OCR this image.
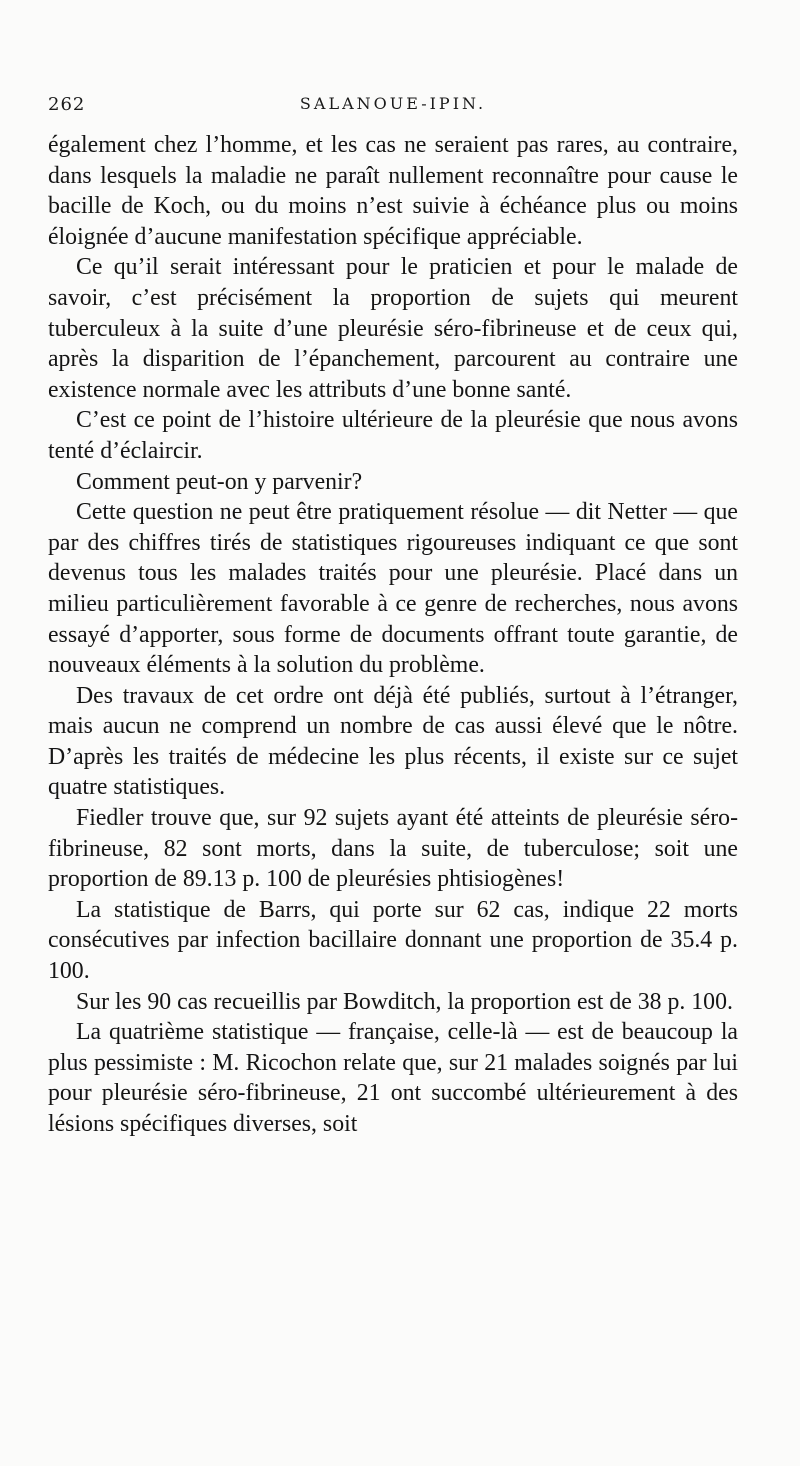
262	SALANOUE-IPIN.

également chez l’homme, et les cas ne seraient pas rares, au contraire, dans lesquels la maladie ne paraît nullement reconnaître pour cause le bacille de Koch, ou du moins n’est suivie à échéance plus ou moins éloignée d’aucune manifestation spécifique appréciable.

Ce qu’il serait intéressant pour le praticien et pour le malade de savoir, c’est précisément la proportion de sujets qui meurent tuberculeux à la suite d’une pleurésie séro-fibrineuse et de ceux qui, après la disparition de l’épanchement, parcourent au contraire une existence normale avec les attributs d’une bonne santé.

C’est ce point de l’histoire ultérieure de la pleurésie que nous avons tenté d’éclaircir.

Comment peut-on y parvenir?

Cette question ne peut être pratiquement résolue — dit Netter — que par des chiffres tirés de statistiques rigoureuses indiquant ce que sont devenus tous les malades traités pour une pleurésie. Placé dans un milieu particulièrement favorable à ce genre de recherches, nous avons essayé d’apporter, sous forme de documents offrant toute garantie, de nouveaux éléments à la solution du problème.

Des travaux de cet ordre ont déjà été publiés, surtout à l’étranger, mais aucun ne comprend un nombre de cas aussi élevé que le nôtre. D’après les traités de médecine les plus récents, il existe sur ce sujet quatre statistiques.

Fiedler trouve que, sur 92 sujets ayant été atteints de pleurésie séro-fibrineuse, 82 sont morts, dans la suite, de tuberculose; soit une proportion de 89.13 p. 100 de pleurésies phtisiogènes!

La statistique de Barrs, qui porte sur 62 cas, indique 22 morts consécutives par infection bacillaire donnant une proportion de 35.4 p. 100.

Sur les 90 cas recueillis par Bowditch, la proportion est de 38 p. 100.

La quatrième statistique — française, celle-là — est de beaucoup la plus pessimiste : M. Ricochon relate que, sur 21 malades soignés par lui pour pleurésie séro-fibrineuse, 21 ont succombé ultérieurement à des lésions spécifiques diverses, soit
